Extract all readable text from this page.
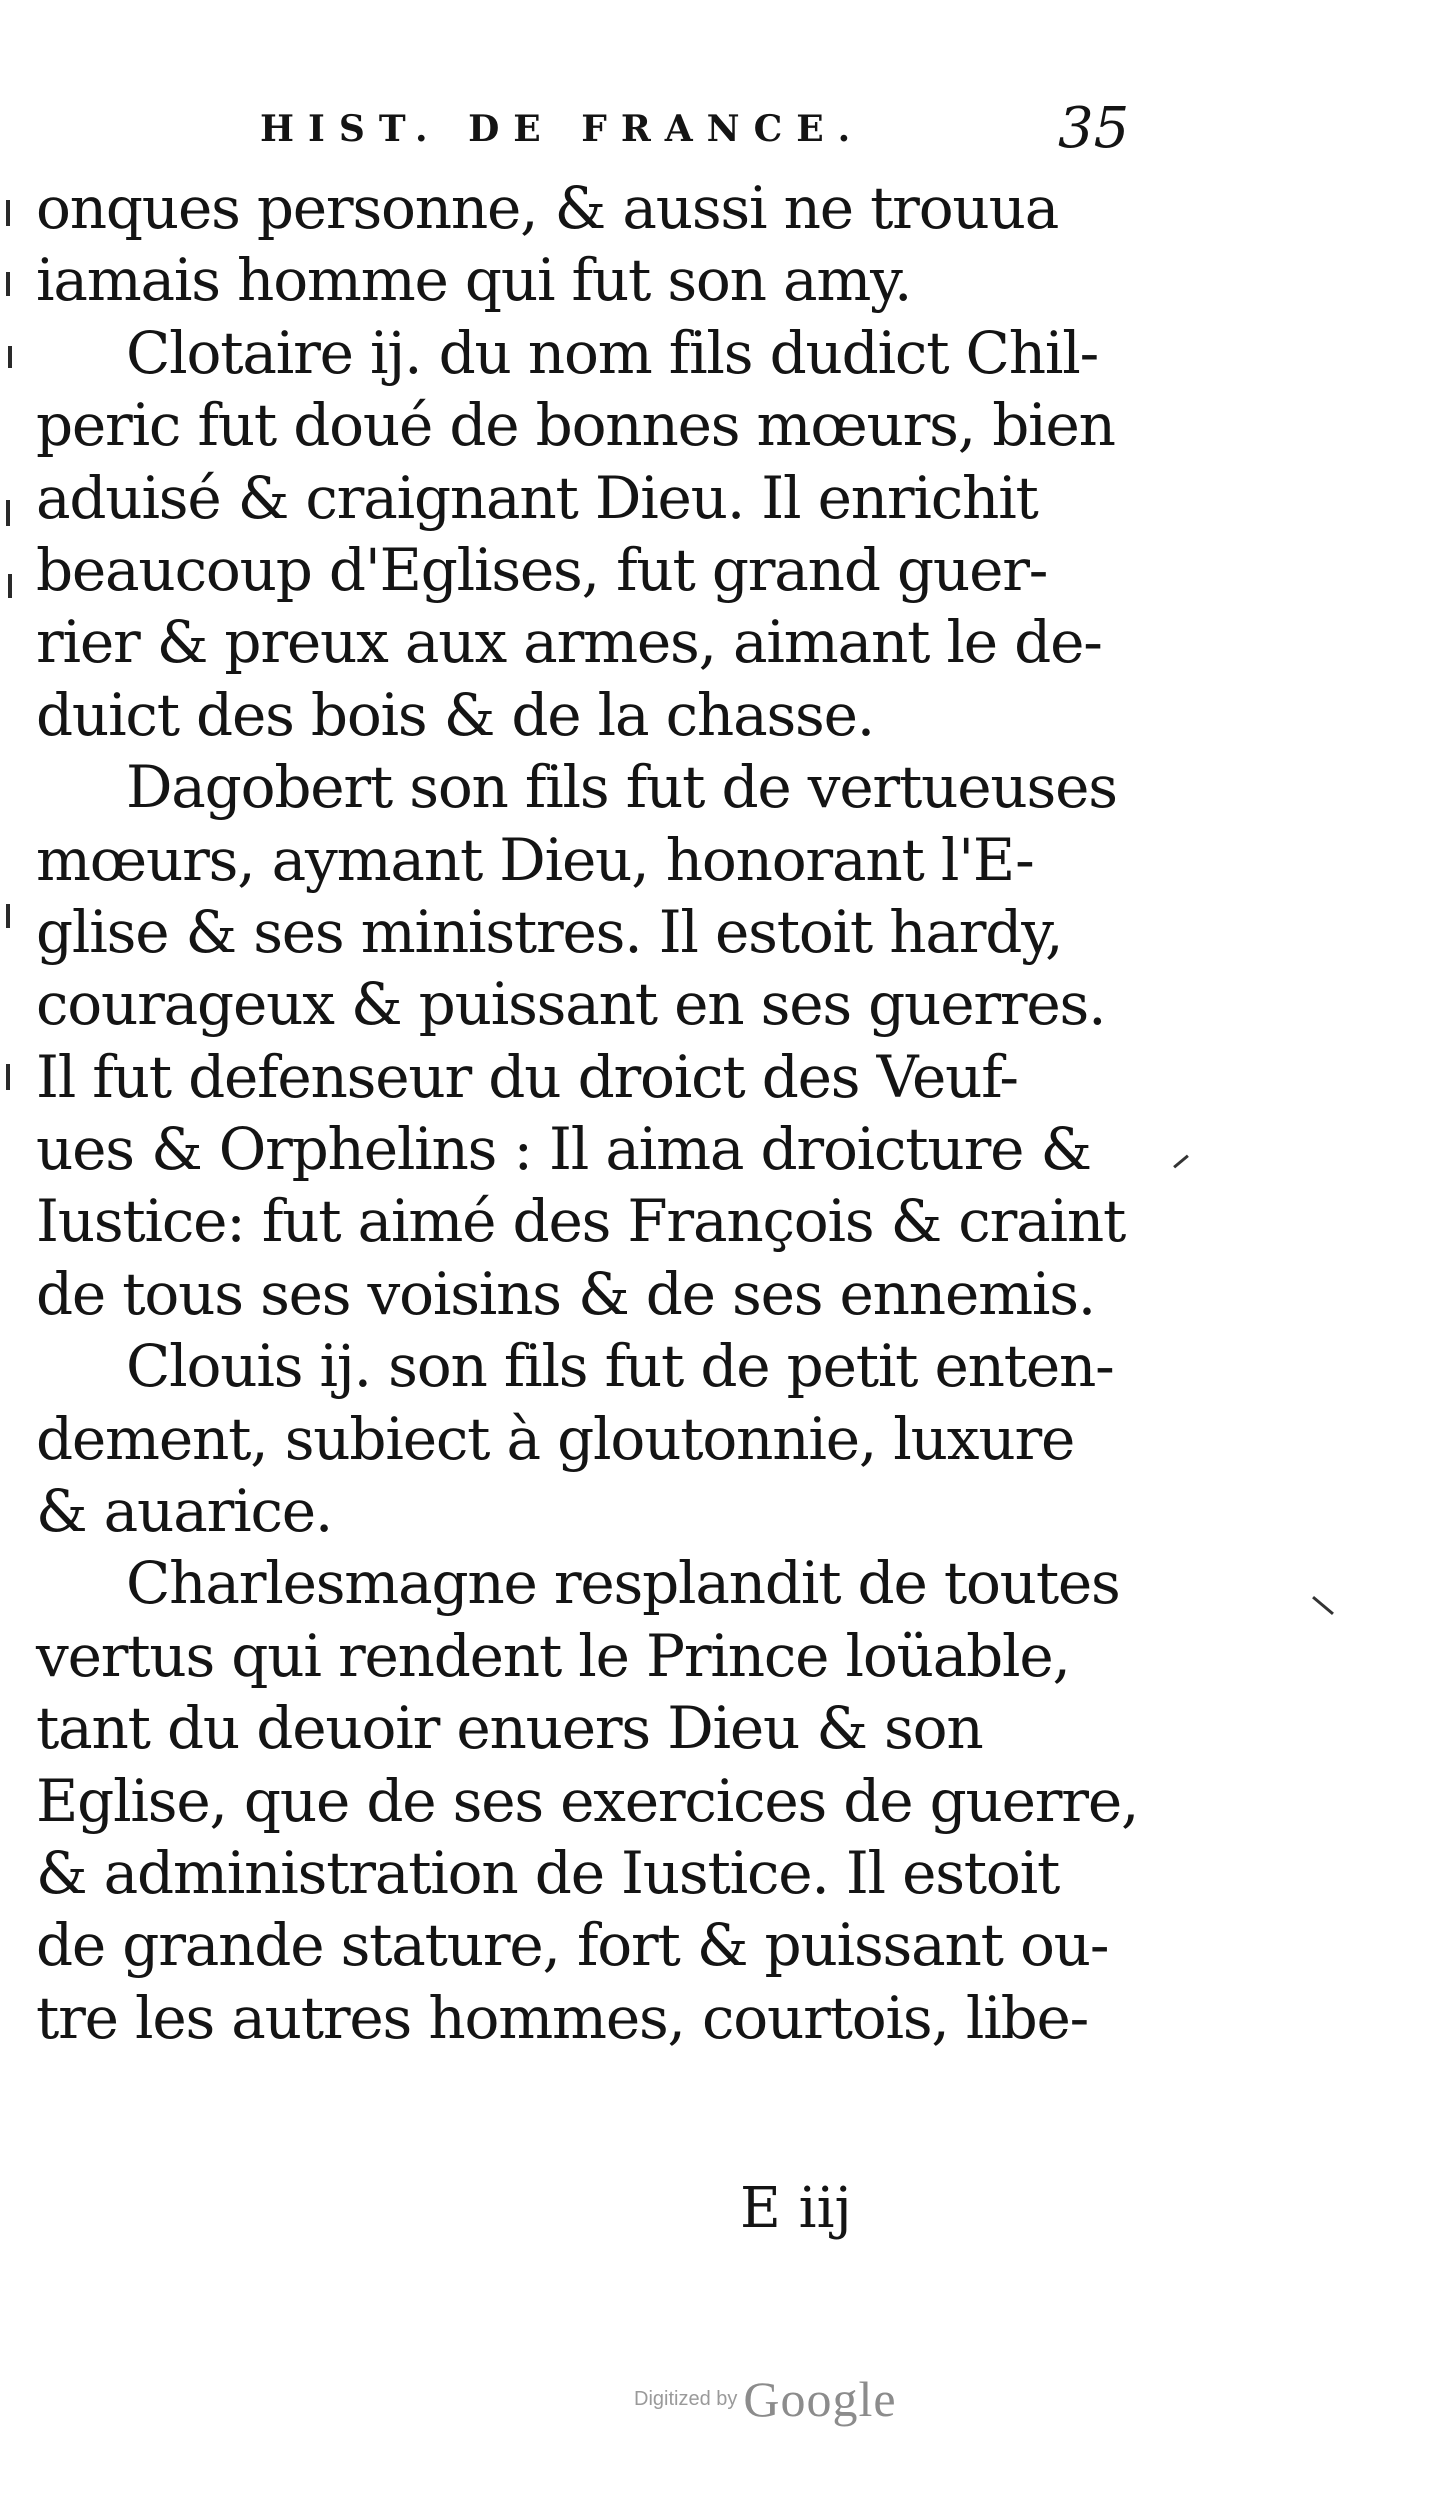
HIST. DE FRANCE.	35
onques personne, & aussi ne trouua
iamais homme qui fut son amy.
Clotaire ij. du nom fils dudict Chil-
peric fut doué de bonnes mœurs, bien
aduisé & craignant Dieu. Il enrichit
beaucoup d'Eglises, fut grand guer-
rier & preux aux armes, aimant le de-
duict des bois & de la chasse.
Dagobert son fils fut de vertueuses
mœurs, aymant Dieu, honorant l'E-
glise & ses ministres. Il estoit hardy,
courageux & puissant en ses guerres.
Il fut defenseur du droict des Veuf-
ues & Orphelins : Il aima droicture &
Iustice: fut aimé des François & craint
de tous ses voisins & de ses ennemis.
Clouis ij. son fils fut de petit enten-
dement, subiect à gloutonnie, luxure
& auarice.
Charlesmagne resplandit de toutes
vertus qui rendent le Prince loüable,
tant du deuoir enuers Dieu & son
Eglise, que de ses exercices de guerre,
& administration de Iustice. Il estoit
de grande stature, fort & puissant ou-
tre les autres hommes, courtois, libe-
E iij
Digitized by Google
